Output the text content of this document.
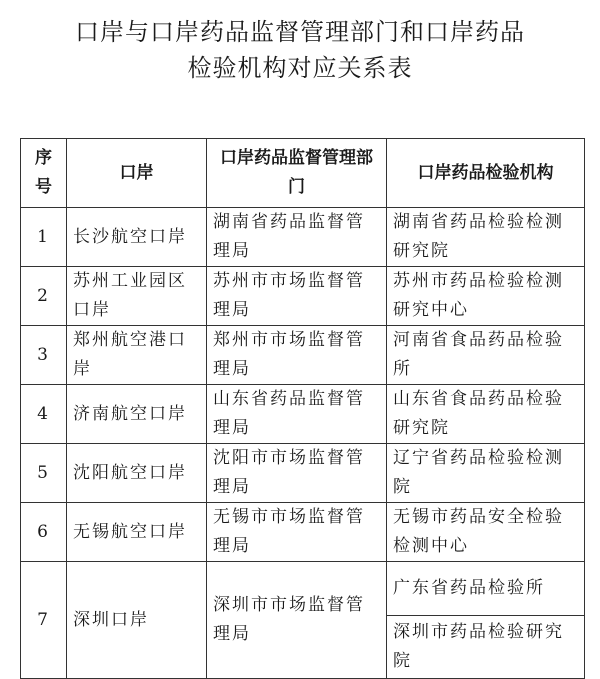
口岸与口岸药品监督管理部门和口岸药品
检验机构对应关系表
序号	口岸	口岸药品监督管理部门	口岸药品检验机构
1	长沙航空口岸	湖南省药品监督管理局	湖南省药品检验检测研究院
2	苏州工业园区口岸	苏州市市场监督管理局	苏州市药品检验检测研究中心
3	郑州航空港口岸	郑州市市场监督管理局	河南省食品药品检验所
4	济南航空口岸	山东省药品监督管理局	山东省食品药品检验研究院
5	沈阳航空口岸	沈阳市市场监督管理局	辽宁省药品检验检测院
6	无锡航空口岸	无锡市市场监督管理局	无锡市药品安全检验检测中心
7	深圳口岸	深圳市市场监督管理局	广东省药品检验所
			深圳市药品检验研究院
